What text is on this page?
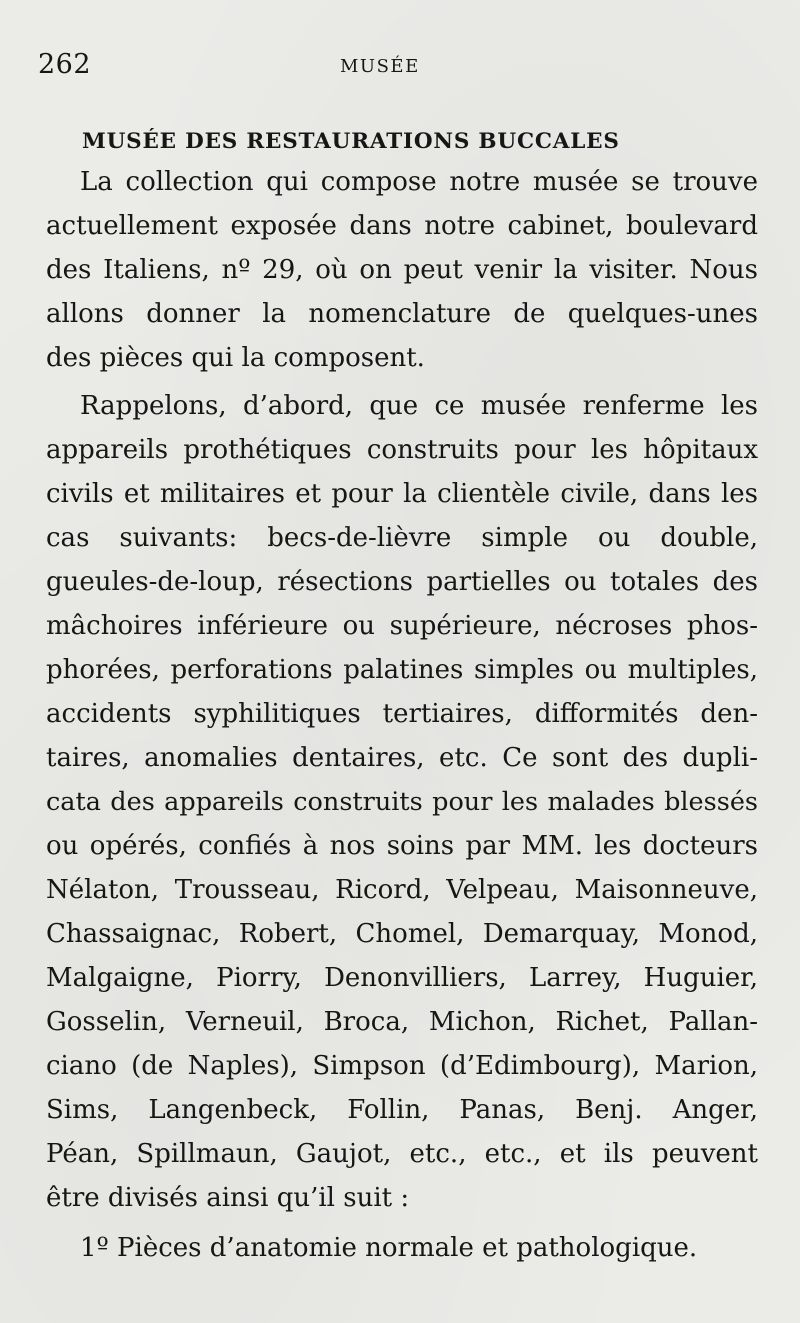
262	MUSÉE
MUSÉE DES RESTAURATIONS BUCCALES
La collection qui compose notre musée se trouve
actuellement exposée dans notre cabinet, boulevard
des Italiens, nº 29, où on peut venir la visiter. Nous
allons donner la nomenclature de quelques-unes
des pièces qui la composent.
Rappelons, d’abord, que ce musée renferme les
appareils prothétiques construits pour les hôpitaux
civils et militaires et pour la clientèle civile, dans les
cas suivants: becs-de-lièvre simple ou double,
gueules-de-loup, résections partielles ou totales des
mâchoires inférieure ou supérieure, nécroses phos-
phorées, perforations palatines simples ou multiples,
accidents syphilitiques tertiaires, difformités den-
taires, anomalies dentaires, etc. Ce sont des dupli-
cata des appareils construits pour les malades blessés
ou opérés, confiés à nos soins par MM. les docteurs
Nélaton, Trousseau, Ricord, Velpeau, Maisonneuve,
Chassaignac, Robert, Chomel, Demarquay, Monod,
Malgaigne, Piorry, Denonvilliers, Larrey, Huguier,
Gosselin, Verneuil, Broca, Michon, Richet, Pallan-
ciano (de Naples), Simpson (d’Edimbourg), Marion,
Sims, Langenbeck, Follin, Panas, Benj. Anger,
Péan, Spillmaun, Gaujot, etc., etc., et ils peuvent
être divisés ainsi qu’il suit :
1º Pièces d’anatomie normale et pathologique.
